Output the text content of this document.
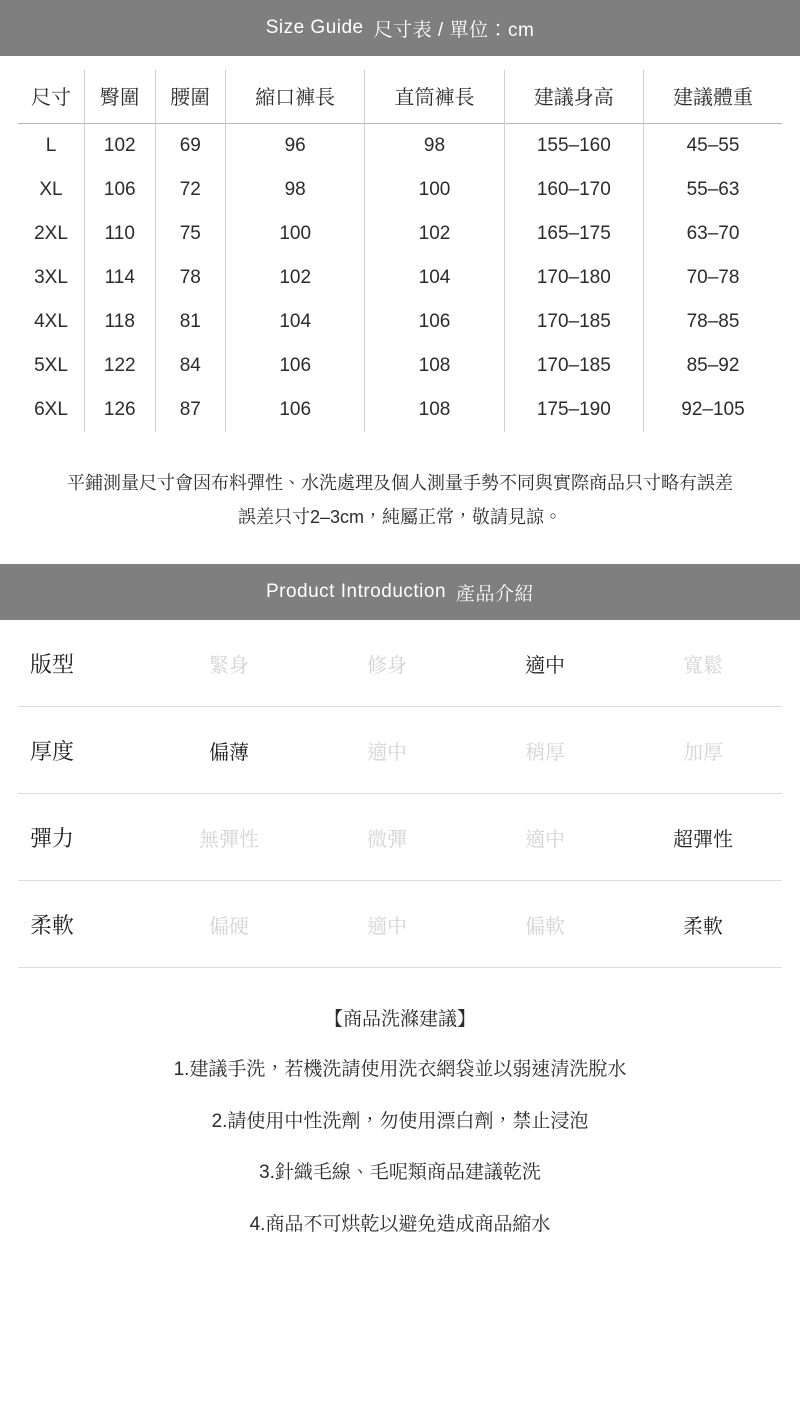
Size Guide 尺寸表 / 單位：cm
尺寸	臀圍	腰圍	縮口褲長	直筒褲長	建議身高	建議體重
L	102	69	96	98	155–160	45–55
XL	106	72	98	100	160–170	55–63
2XL	110	75	100	102	165–175	63–70
3XL	114	78	102	104	170–180	70–78
4XL	118	81	104	106	170–185	78–85
5XL	122	84	106	108	170–185	85–92
6XL	126	87	106	108	175–190	92–105
平鋪測量尺寸會因布料彈性、水洗處理及個人測量手勢不同與實際商品只寸略有誤差
誤差只寸2–3cm，純屬正常，敬請見諒。
Product Introduction 產品介紹
版型	緊身	修身	適中	寬鬆
厚度	偏薄	適中	稍厚	加厚
彈力	無彈性	微彈	適中	超彈性
柔軟	偏硬	適中	偏軟	柔軟
【商品洗滌建議】
1.建議手洗，若機洗請使用洗衣網袋並以弱速清洗脫水
2.請使用中性洗劑，勿使用漂白劑，禁止浸泡
3.針織毛線、毛呢類商品建議乾洗
4.商品不可烘乾以避免造成商品縮水
